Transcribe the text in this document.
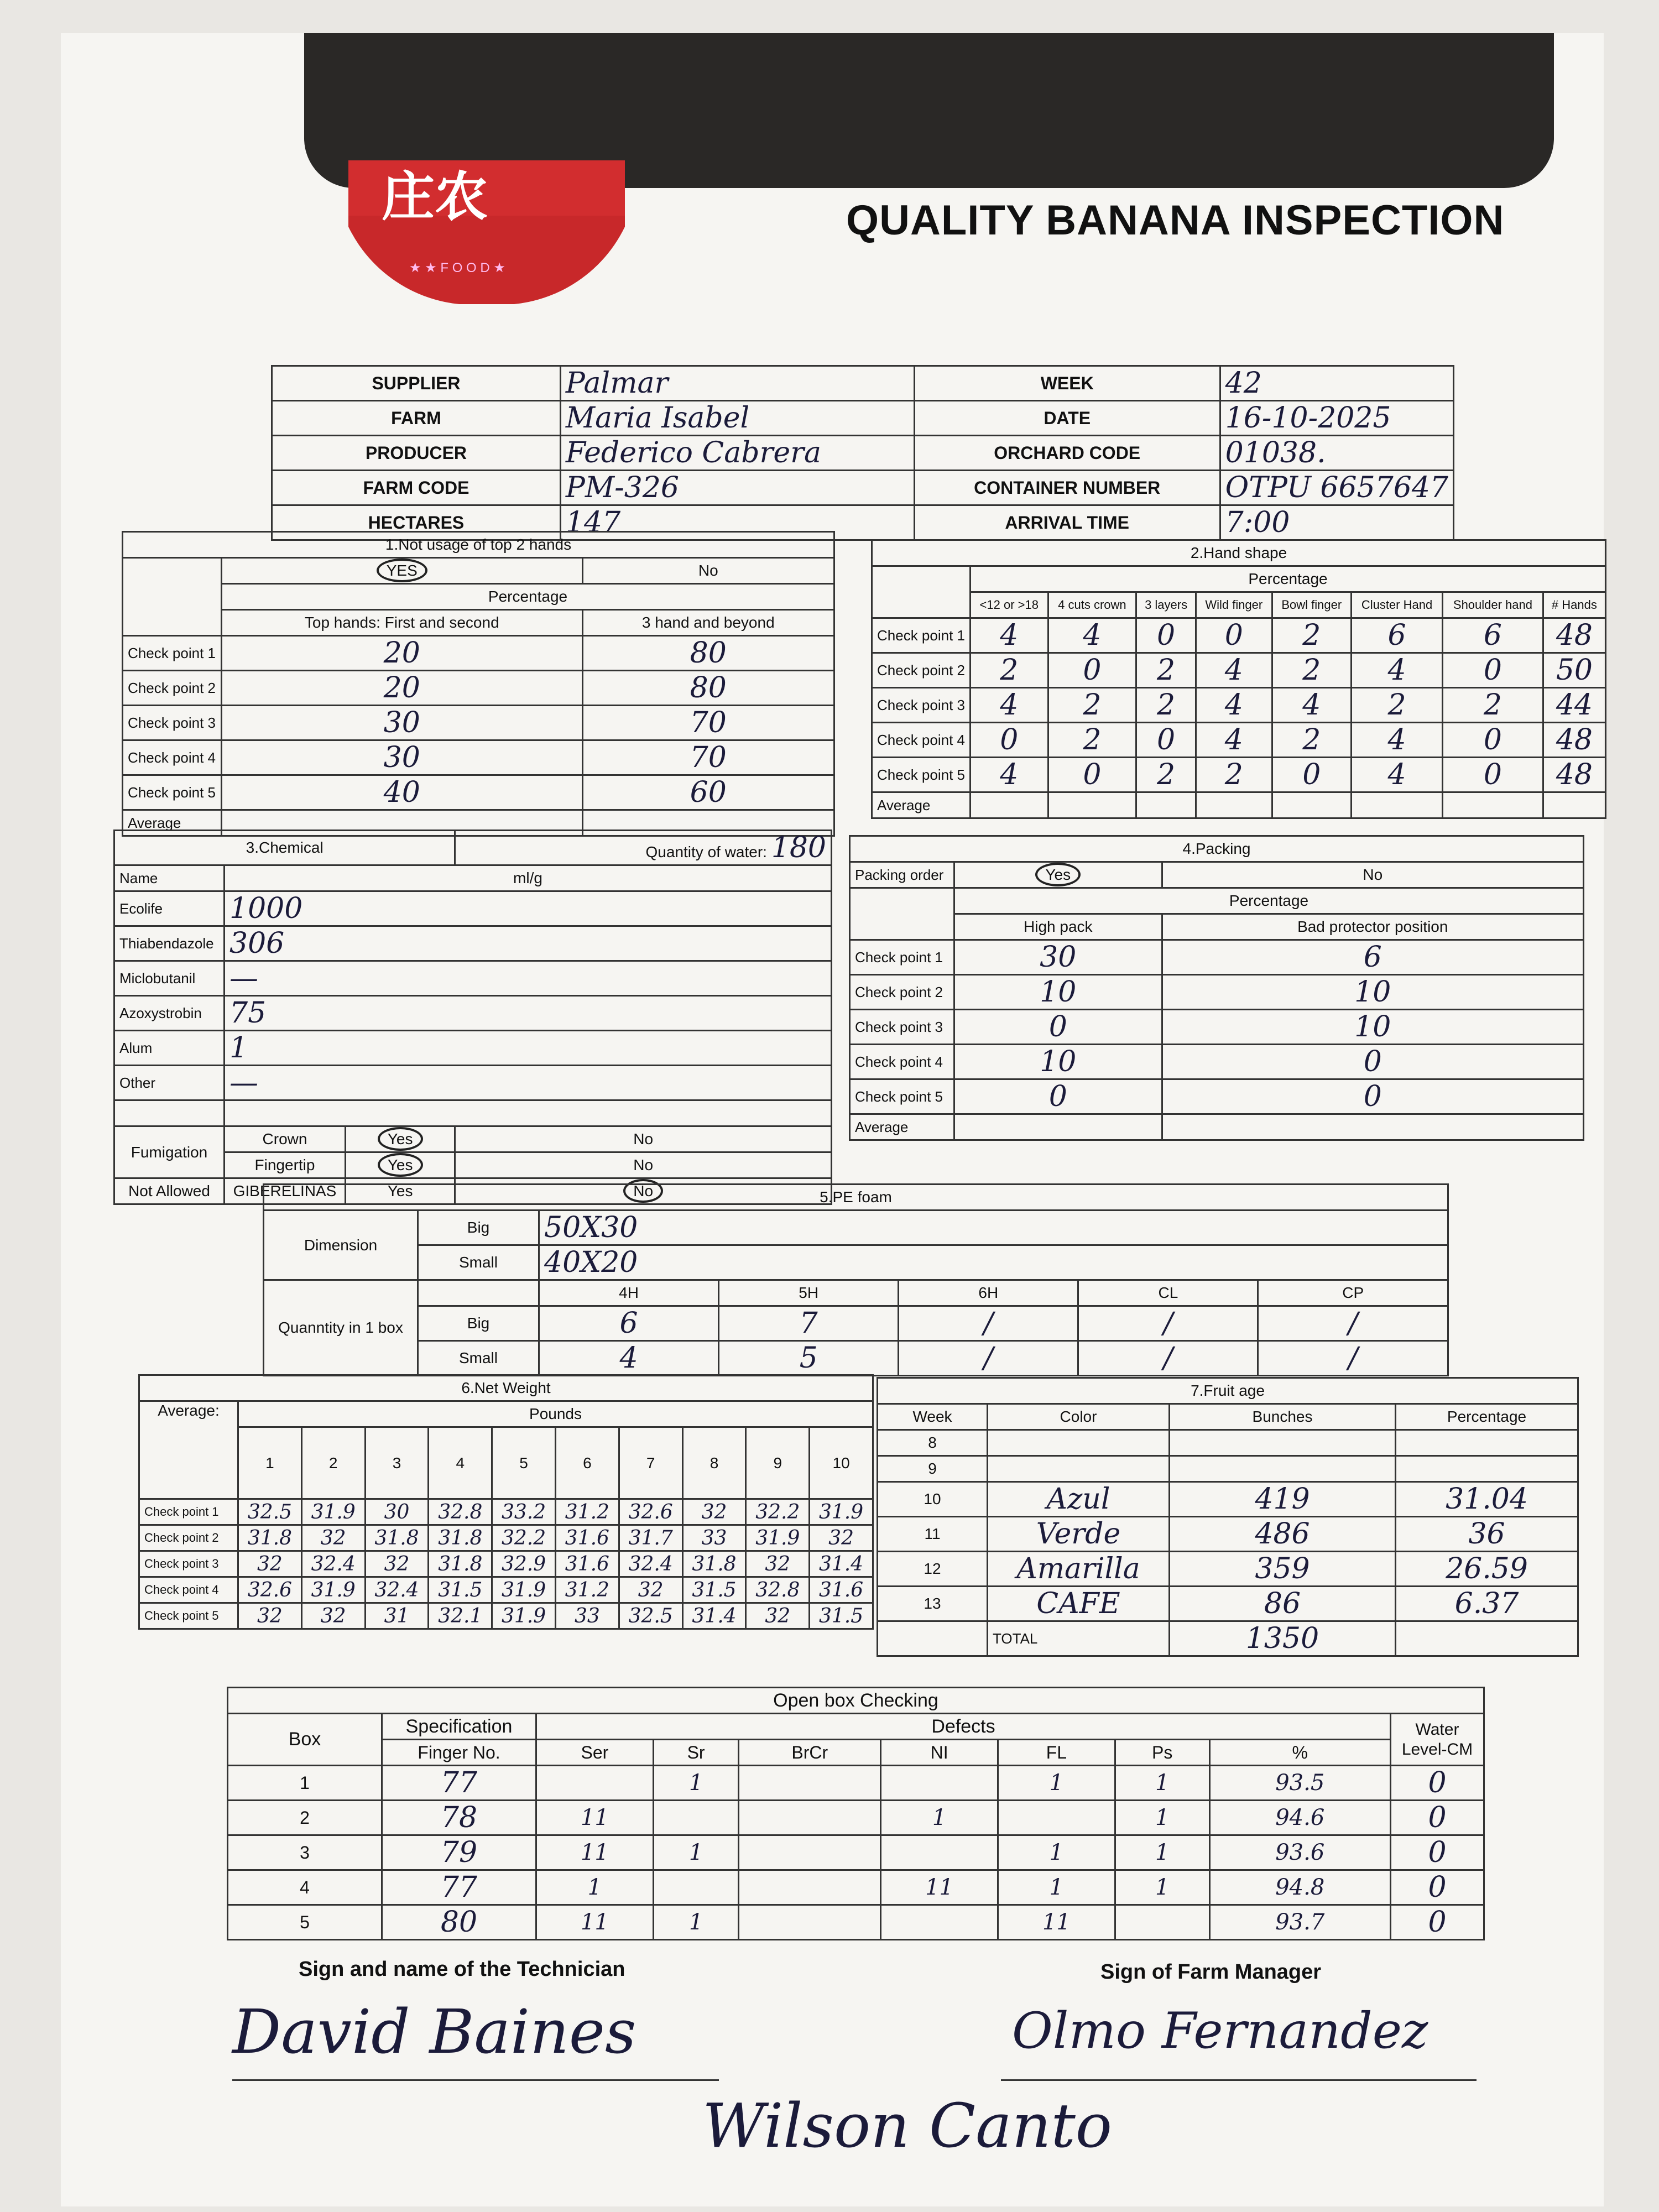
庄农
★ ★ F O O D ★
QUALITY BANANA INSPECTION
SUPPLIER	Palmar	WEEK	42
FARM	Maria Isabel	DATE	16-10-2025
PRODUCER	Federico Cabrera	ORCHARD CODE	01038.
FARM CODE	PM-326	CONTAINER NUMBER	OTPU 6657647
HECTARES	147	ARRIVAL TIME	7:00
1.Not usage of top 2 hands		
	YES	No
	Percentage	
	Top hands: First and second	3 hand and beyond
Check point 1	20	80
Check point 2	20	80
Check point 3	30	70
Check point 4	30	70
Check point 5	40	60
Average		
2.Hand shape								
	Percentage							
	<12 or >18	4 cuts crown	3 layers	Wild finger	Bowl finger	Cluster Hand	Shoulder hand	# Hands
Check point 1	4	4	0	0	2	6	6	48
Check point 2	2	0	2	4	2	4	0	50
Check point 3	4	2	2	4	4	2	2	44
Check point 4	0	2	0	4	2	4	0	48
Check point 5	4	0	2	2	0	4	0	48
Average								
3.Chemical			Quantity of water: 180
Name	ml/g		
Ecolife	1000		
Thiabendazole	306		
Miclobutanil	—		
Azoxystrobin	75		
Alum	1		
Other	—		

Fumigation	Crown	Yes	No
	Fingertip	Yes	No
Not Allowed	GIBERELINAS	Yes	No
4.Packing		
Packing order	Yes	No
	Percentage	
	High pack	Bad protector position
Check point 1	30	6
Check point 2	10	10
Check point 3	0	10
Check point 4	10	0
Check point 5	0	0
Average		
5.PE foam						
Dimension	Big	50X30				
	Small	40X20				
Quanntity in 1 box		4H	5H	6H	CL	CP
	Big	6	7	/	/	/
	Small	4	5	/	/	/
6.Net Weight										
Average:	Pounds									
	1	2	3	4	5	6	7	8	9	10
Check point 1	32.5	31.9	30	32.8	33.2	31.2	32.6	32	32.2	31.9
Check point 2	31.8	32	31.8	31.8	32.2	31.6	31.7	33	31.9	32
Check point 3	32	32.4	32	31.8	32.9	31.6	32.4	31.8	32	31.4
Check point 4	32.6	31.9	32.4	31.5	31.9	31.2	32	31.5	32.8	31.6
Check point 5	32	32	31	32.1	31.9	33	32.5	31.4	32	31.5
7.Fruit age			
Week	Color	Bunches	Percentage
8			
9			
10	Azul	419	31.04
11	Verde	486	36
12	Amarilla	359	26.59
13	CAFE	86	6.37
	TOTAL	1350	
Open box Checking									
Box	Specification	Defects							Water
Level-CM
	Finger No.	Ser	Sr	BrCr	NI	FL	Ps	%	
1	77		1			1	1	93.5	0
2	78	11			1		1	94.6	0
3	79	11	1			1	1	93.6	0
4	77	1			11	1	1	94.8	0
5	80	11	1			11		93.7	0
Sign and name of the Technician	Sign of Farm Manager
David Baines	Olmo Fernandez
Wilson Canto
